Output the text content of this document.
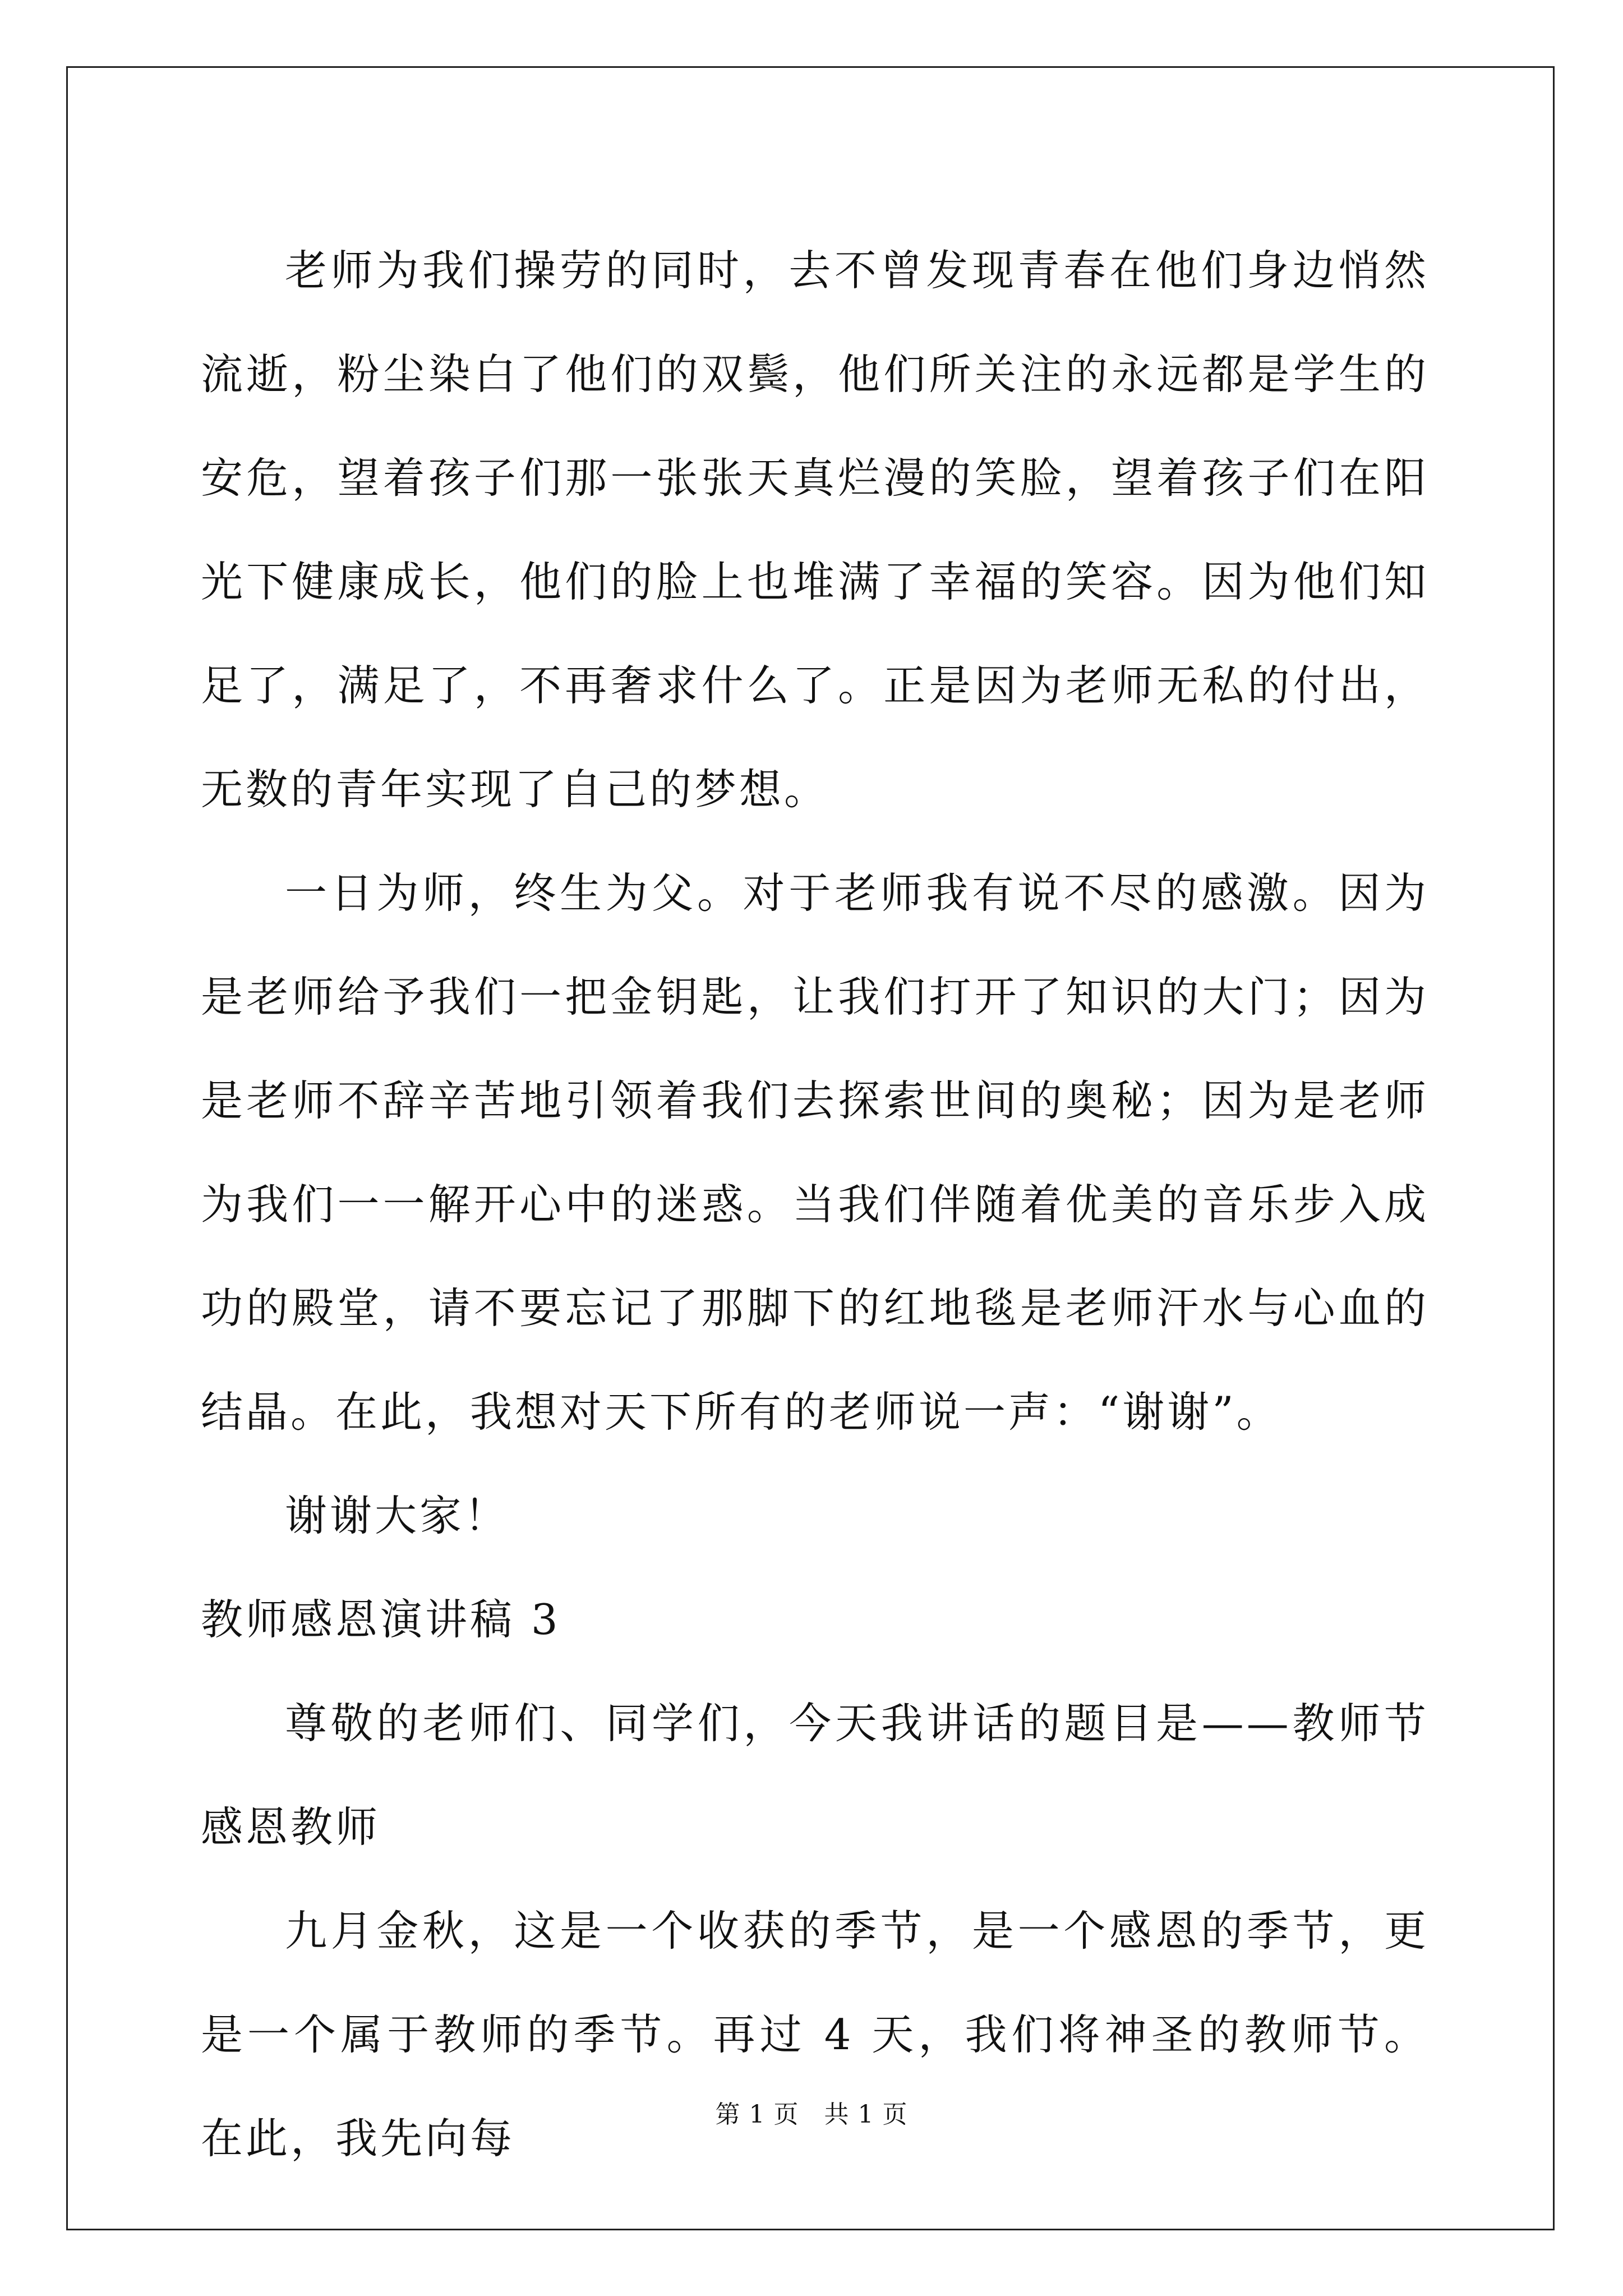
老师为我们操劳的同时，去不曾发现青春在他们身边悄然流逝，粉尘染白了他们的双鬓，他们所关注的永远都是学生的安危，望着孩子们那一张张天真烂漫的笑脸，望着孩子们在阳光下健康成长，他们的脸上也堆满了幸福的笑容。因为他们知足了，满足了，不再奢求什么了。正是因为老师无私的付出，无数的青年实现了自己的梦想。

一日为师，终生为父。对于老师我有说不尽的感激。因为是老师给予我们一把金钥匙，让我们打开了知识的大门；因为是老师不辞辛苦地引领着我们去探索世间的奥秘；因为是老师为我们一一解开心中的迷惑。当我们伴随着优美的音乐步入成功的殿堂，请不要忘记了那脚下的红地毯是老师汗水与心血的结晶。在此，我想对天下所有的老师说一声：“谢谢”。

谢谢大家！

教师感恩演讲稿 3

尊敬的老师们、同学们，今天我讲话的题目是——教师节感恩教师

九月金秋，这是一个收获的季节，是一个感恩的季节，更是一个属于教师的季节。再过 4 天，我们将神圣的教师节。在此，我先向每	第 1 页　共 1 页
